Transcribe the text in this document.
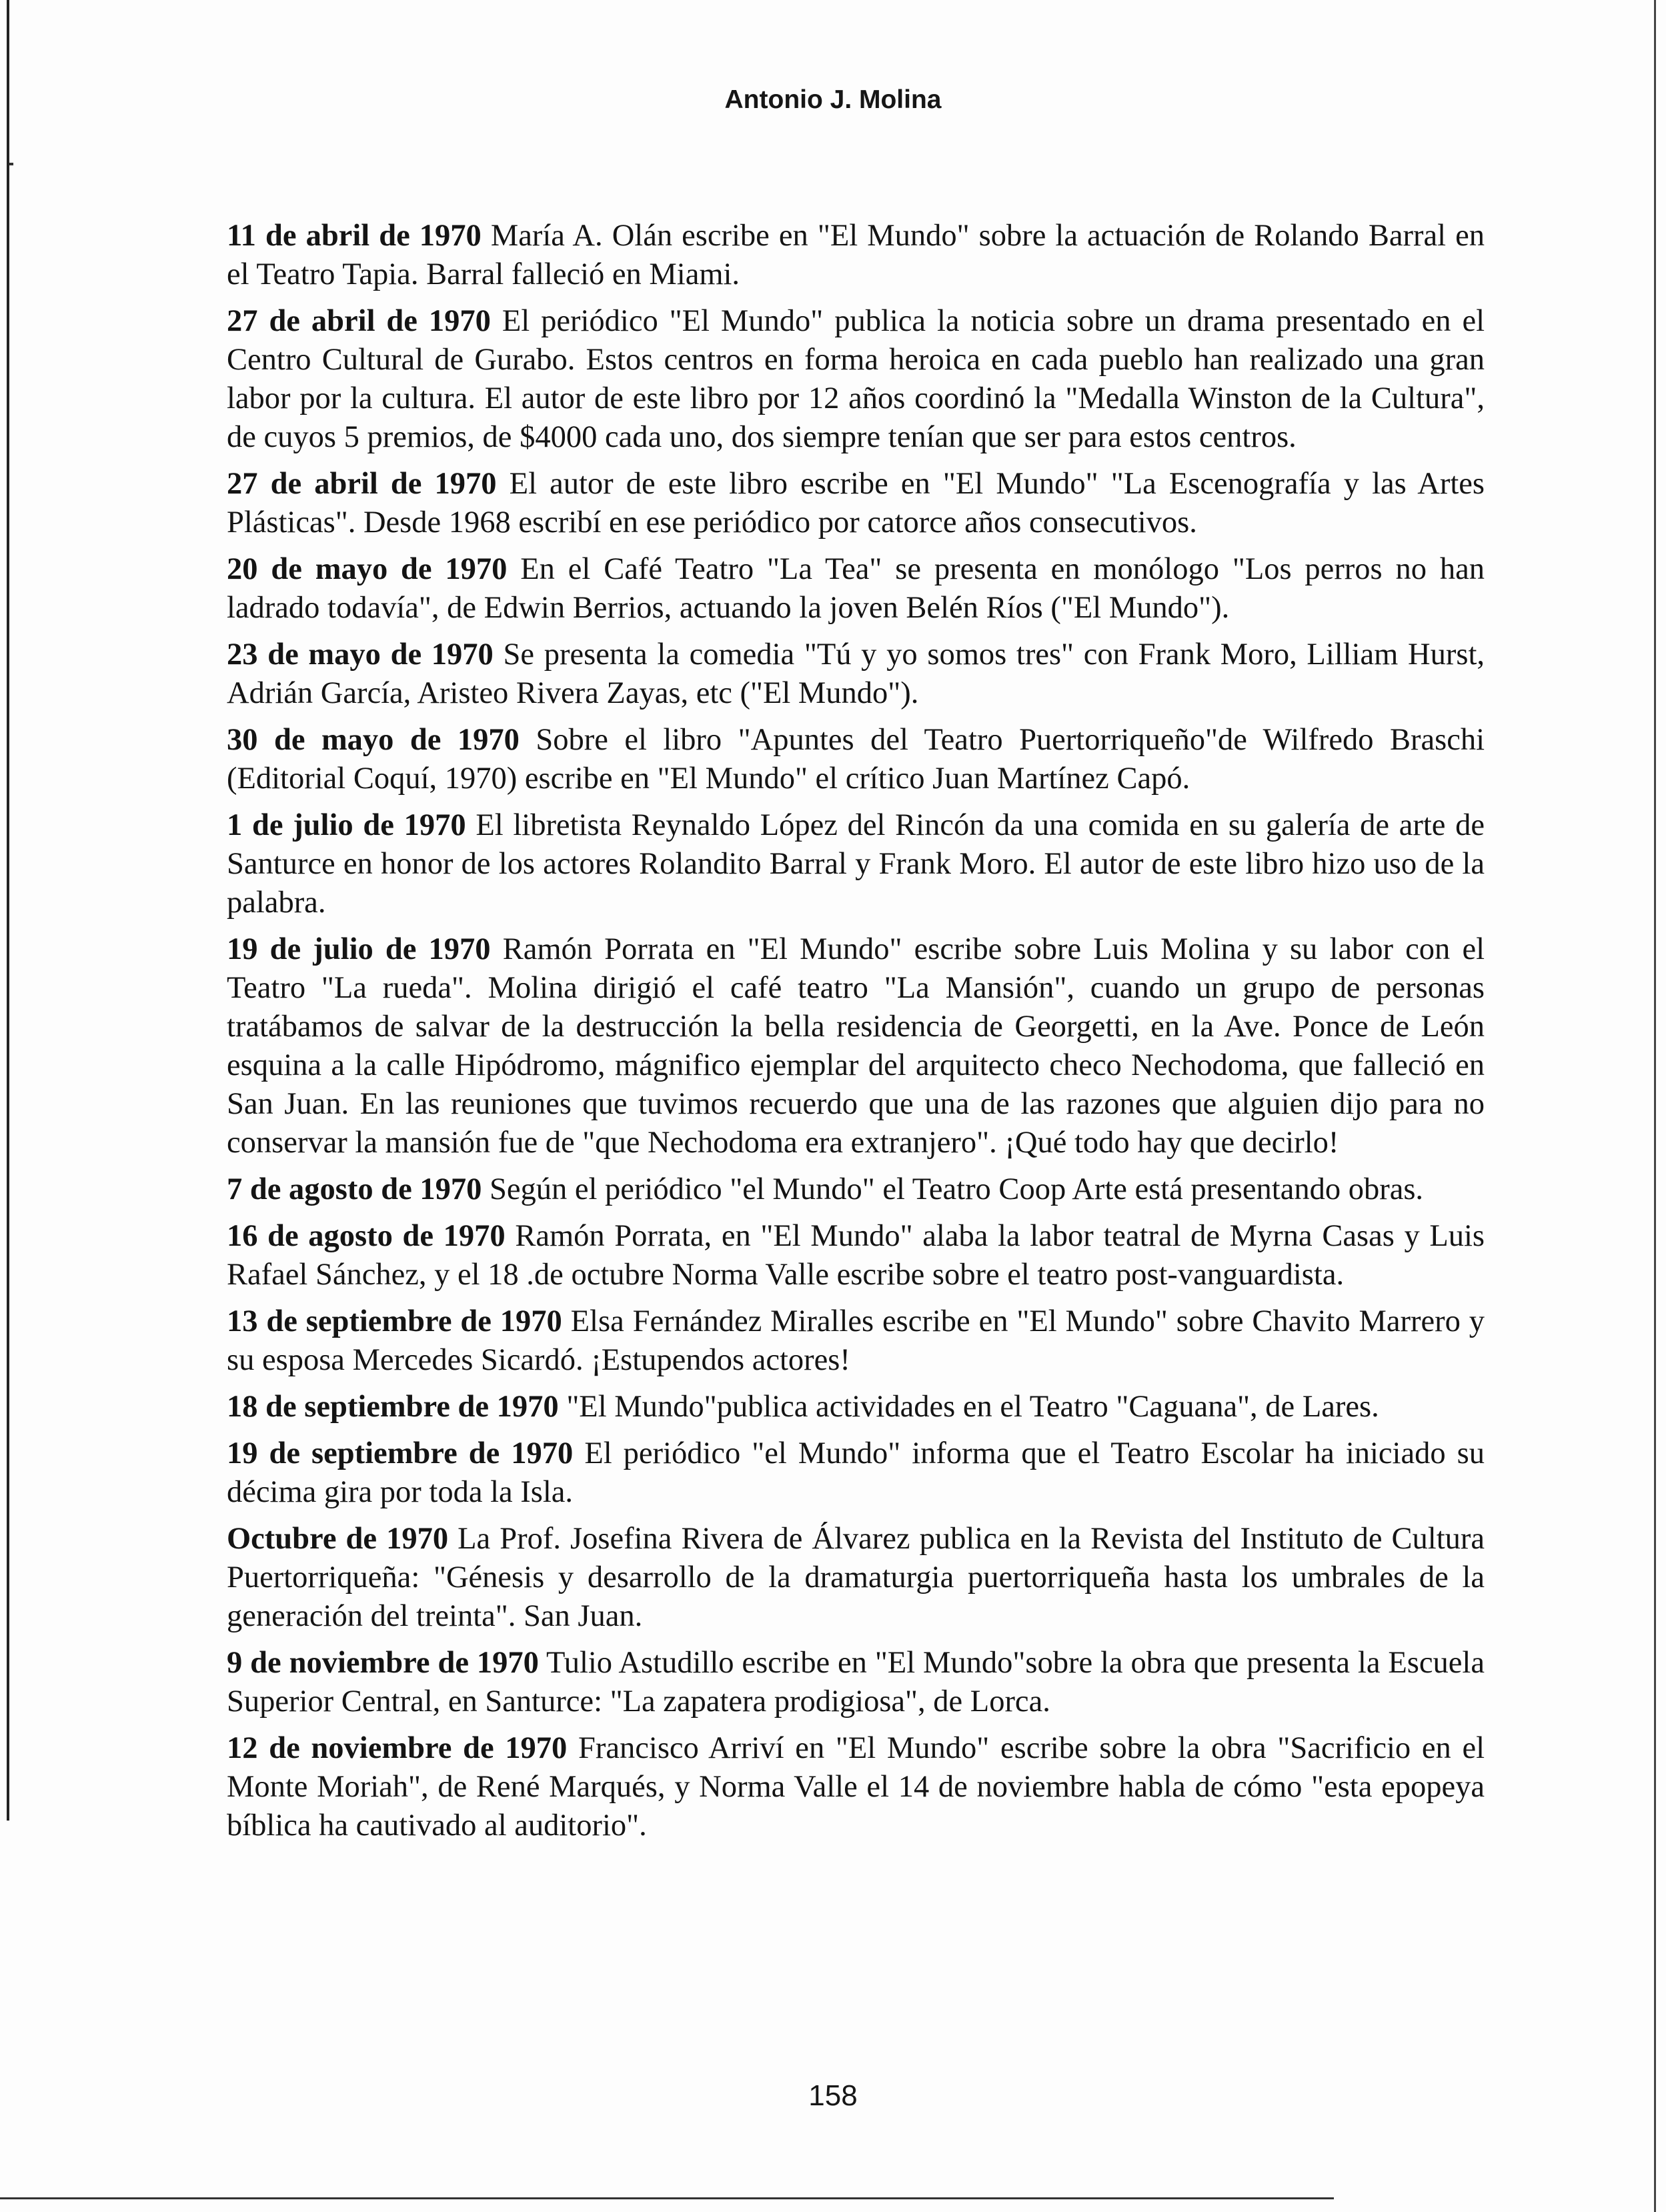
Antonio J. Molina

11 de abril de 1970 María A. Olán escribe en "El Mundo" sobre la actuación de Rolando Barral en el Teatro Tapia. Barral falleció en Miami.

27 de abril de 1970 El periódico "El Mundo" publica la noticia sobre un drama presentado en el Centro Cultural de Gurabo. Estos centros en forma heroica en cada pueblo han realizado una gran labor por la cultura. El autor de este libro por 12 años coordinó la "Medalla Winston de la Cultura", de cuyos 5 premios, de $4000 cada uno, dos siempre tenían que ser para estos centros.

27 de abril de 1970 El autor de este libro escribe en "El Mundo" "La Escenografía y las Artes Plásticas". Desde 1968 escribí en ese periódico por catorce años consecutivos.

20 de mayo de 1970 En el Café Teatro "La Tea" se presenta en monólogo "Los perros no han ladrado todavía", de Edwin Berrios, actuando la joven Belén Ríos ("El Mundo").

23 de mayo de 1970 Se presenta la comedia "Tú y yo somos tres" con Frank Moro, Lilliam Hurst, Adrián García, Aristeo Rivera Zayas, etc ("El Mundo").

30 de mayo de 1970 Sobre el libro "Apuntes del Teatro Puertorriqueño"de Wilfredo Braschi (Editorial Coquí, 1970) escribe en "El Mundo" el crítico Juan Martínez Capó.

1 de julio de 1970 El libretista Reynaldo López del Rincón da una comida en su galería de arte de Santurce en honor de los actores Rolandito Barral y Frank Moro. El autor de este libro hizo uso de la palabra.

19 de julio de 1970 Ramón Porrata en "El Mundo" escribe sobre Luis Molina y su labor con el Teatro "La rueda". Molina dirigió el café teatro "La Mansión", cuando un grupo de personas tratábamos de salvar de la destrucción la bella residencia de Georgetti, en la Ave. Ponce de León esquina a la calle Hipódromo, mágnifico ejemplar del arquitecto checo Nechodoma, que falleció en San Juan. En las reuniones que tuvimos recuerdo que una de las razones que alguien dijo para no conservar la mansión fue de "que Nechodoma era extranjero". ¡Qué todo hay que decirlo!

7 de agosto de 1970 Según el periódico "el Mundo" el Teatro Coop Arte está presentando obras.

16 de agosto de 1970 Ramón Porrata, en "El Mundo" alaba la labor teatral de Myrna Casas y Luis Rafael Sánchez, y el 18 .de octubre Norma Valle escribe sobre el teatro post-vanguardista.

13 de septiembre de 1970 Elsa Fernández Miralles escribe en "El Mundo" sobre Chavito Marrero y su esposa Mercedes Sicardó. ¡Estupendos actores!

18 de septiembre de 1970 "El Mundo"publica actividades en el Teatro "Caguana", de Lares.

19 de septiembre de 1970 El periódico "el Mundo" informa que el Teatro Escolar ha iniciado su décima gira por toda la Isla.

Octubre de 1970 La Prof. Josefina Rivera de Álvarez publica en la Revista del Instituto de Cultura Puertorriqueña: "Génesis y desarrollo de la dramaturgia puertorriqueña hasta los umbrales de la generación del treinta". San Juan.

9 de noviembre de 1970 Tulio Astudillo escribe en "El Mundo"sobre la obra que presenta la Escuela Superior Central, en Santurce: "La zapatera prodigiosa", de Lorca.

12 de noviembre de 1970 Francisco Arriví en "El Mundo" escribe sobre la obra "Sacrificio en el Monte Moriah", de René Marqués, y Norma Valle el 14 de noviembre habla de cómo "esta epopeya bíblica ha cautivado al auditorio".

158
